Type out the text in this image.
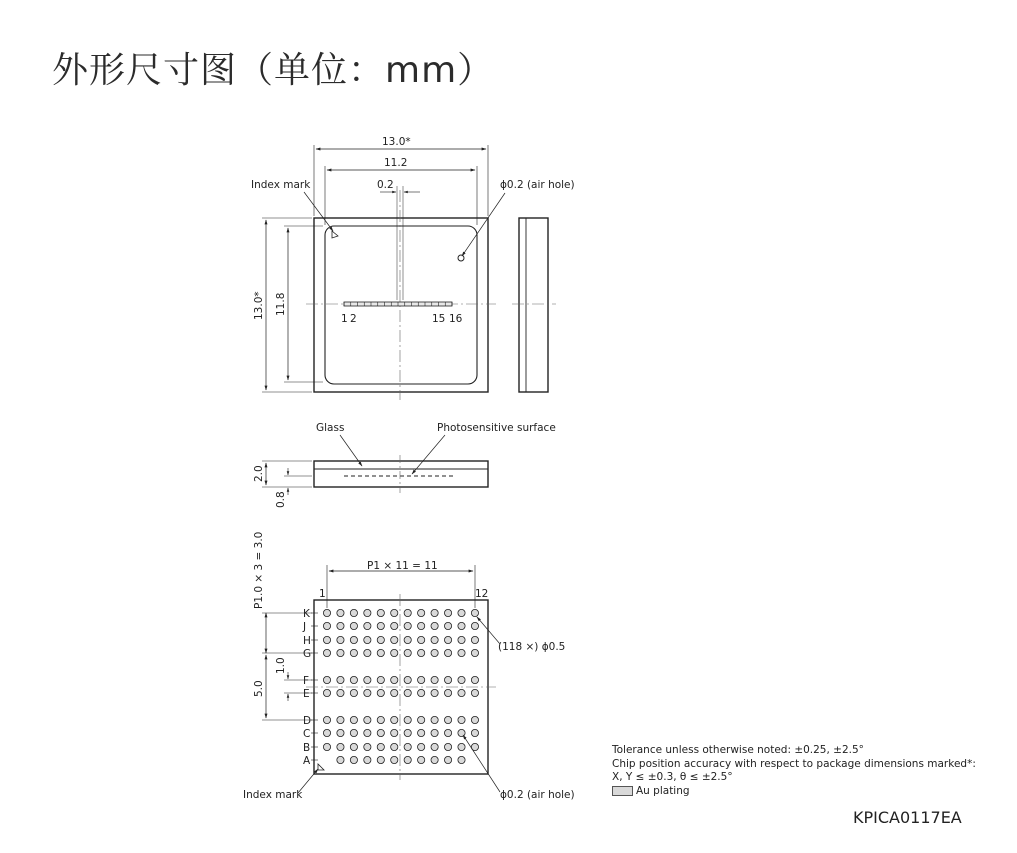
外形尺寸图（单位：mm）
Index mark	ϕ0.2 (air hole)
13.0*
11.2
0.2
13.0* 11.8
1 2	15 16
Glass	Photosensitive surface
2.0
0.8
K
J
H
G
F
E
D
C
B
A
Index mark	ϕ0.2 (air hole)
(118 ×) ϕ0.5
P1 × 11 = 11
1	12
P1.0 × 3 = 3.0
5.0
1.0
Tolerance unless otherwise noted: ±0.25, ±2.5°
Chip position accuracy with respect to package dimensions marked*:
X, Y ≤ ±0.3, θ ≤ ±2.5°
Au plating
KPICA0117EA
